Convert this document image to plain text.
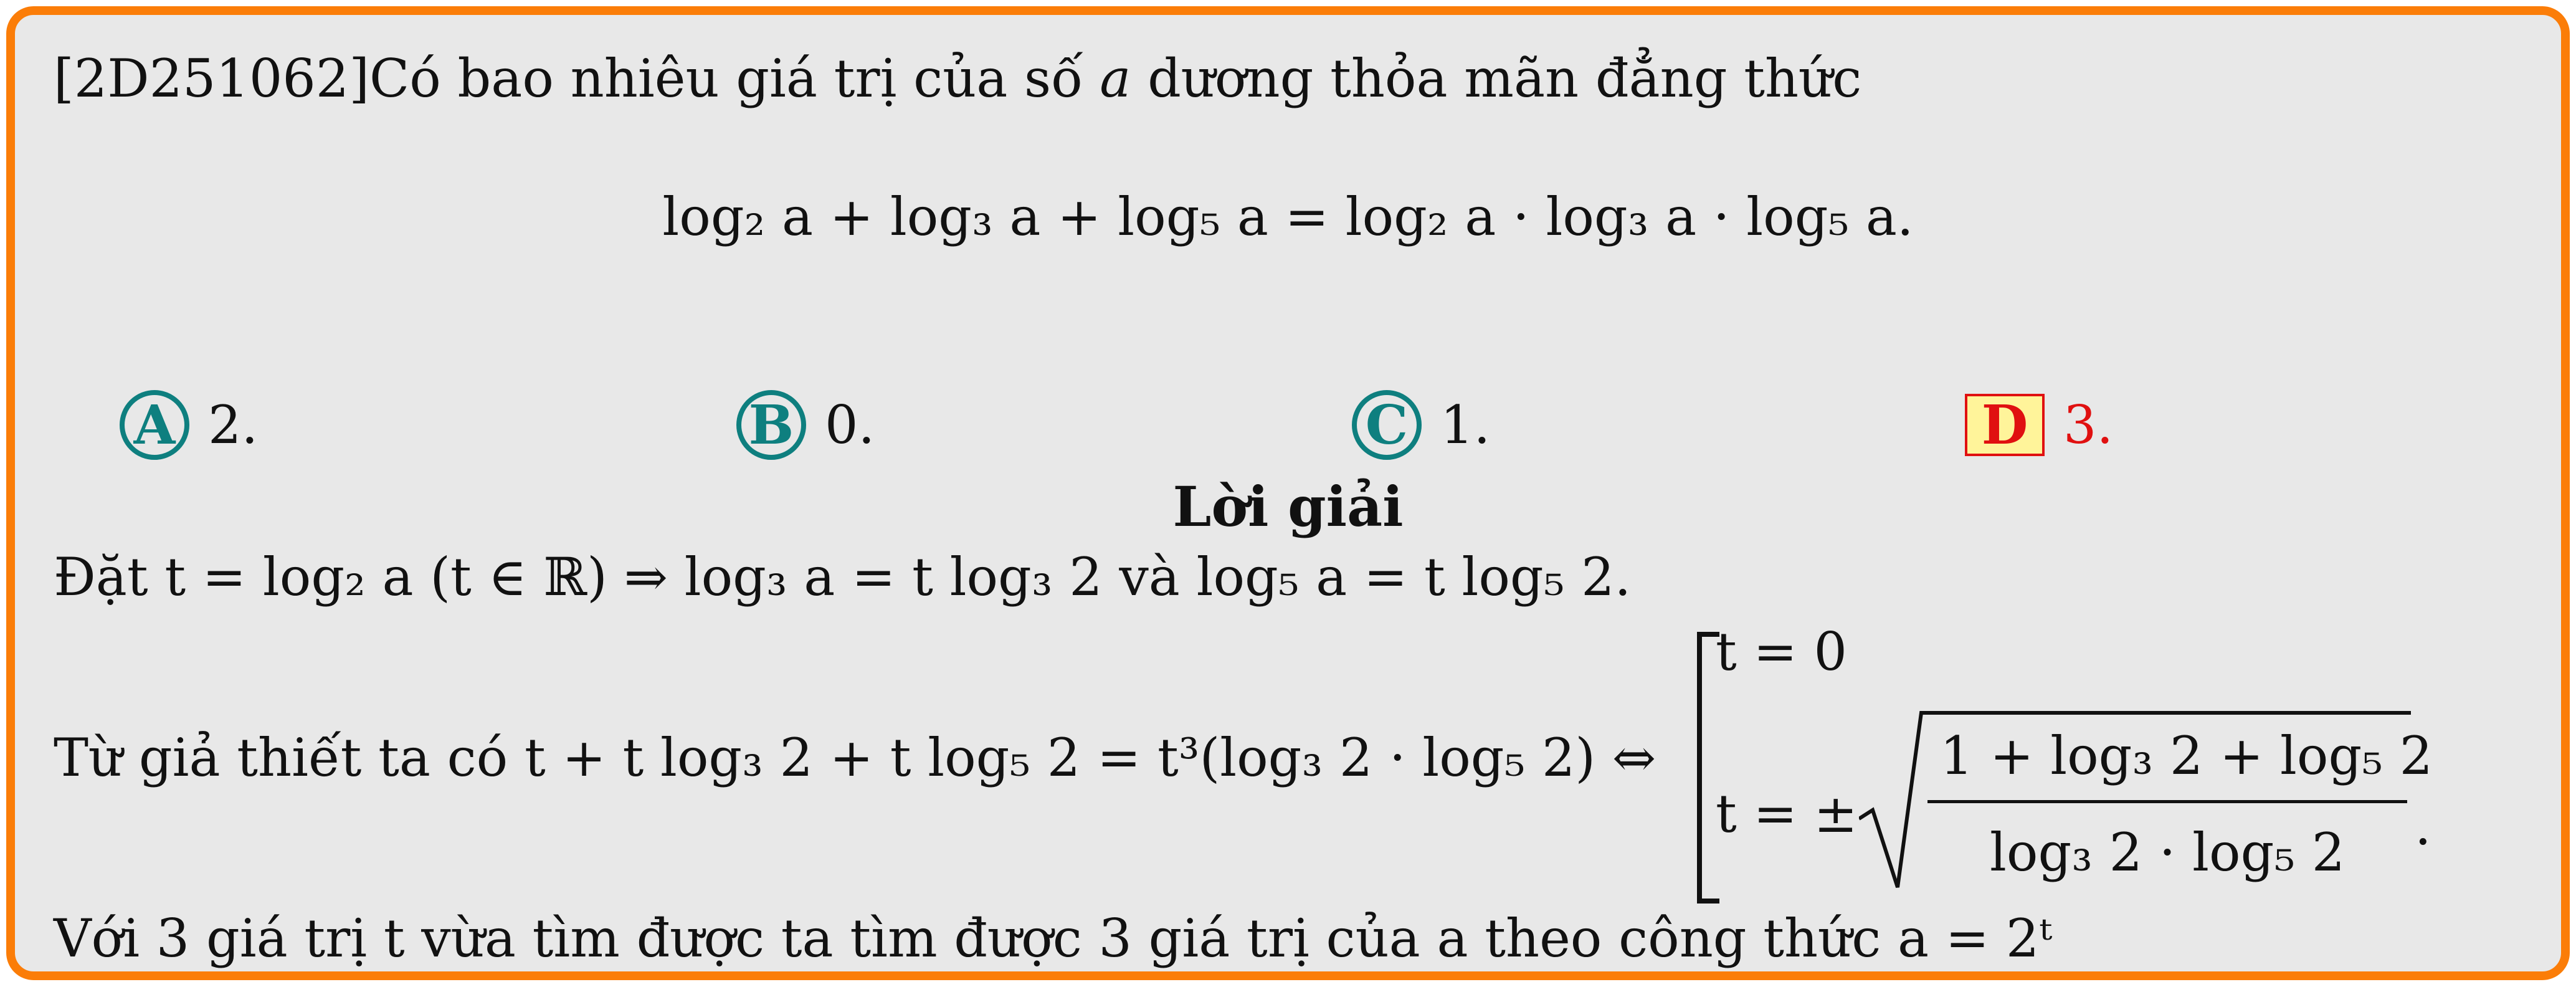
[2D251062]Có bao nhiêu giá trị của số a dương thỏa mãn đẳng thức
log₂ a + log₃ a + log₅ a = log₂ a · log₃ a · log₅ a.
A 2.	B 0.	C 1.	D 3.
Lời giải
Đặt t = log₂ a (t ∈ ℝ) ⇒ log₃ a = t log₃ 2 và log₅ a = t log₅ 2.
Từ giả thiết ta có t + t log₃ 2 + t log₅ 2 = t³(log₃ 2 · log₅ 2) ⇔
t = 0
t = ±
1 + log₃ 2 + log₅ 2
log₃ 2 · log₅ 2 .
Với 3 giá trị t vừa tìm được ta tìm được 3 giá trị của a theo công thức a = 2ᵗ
